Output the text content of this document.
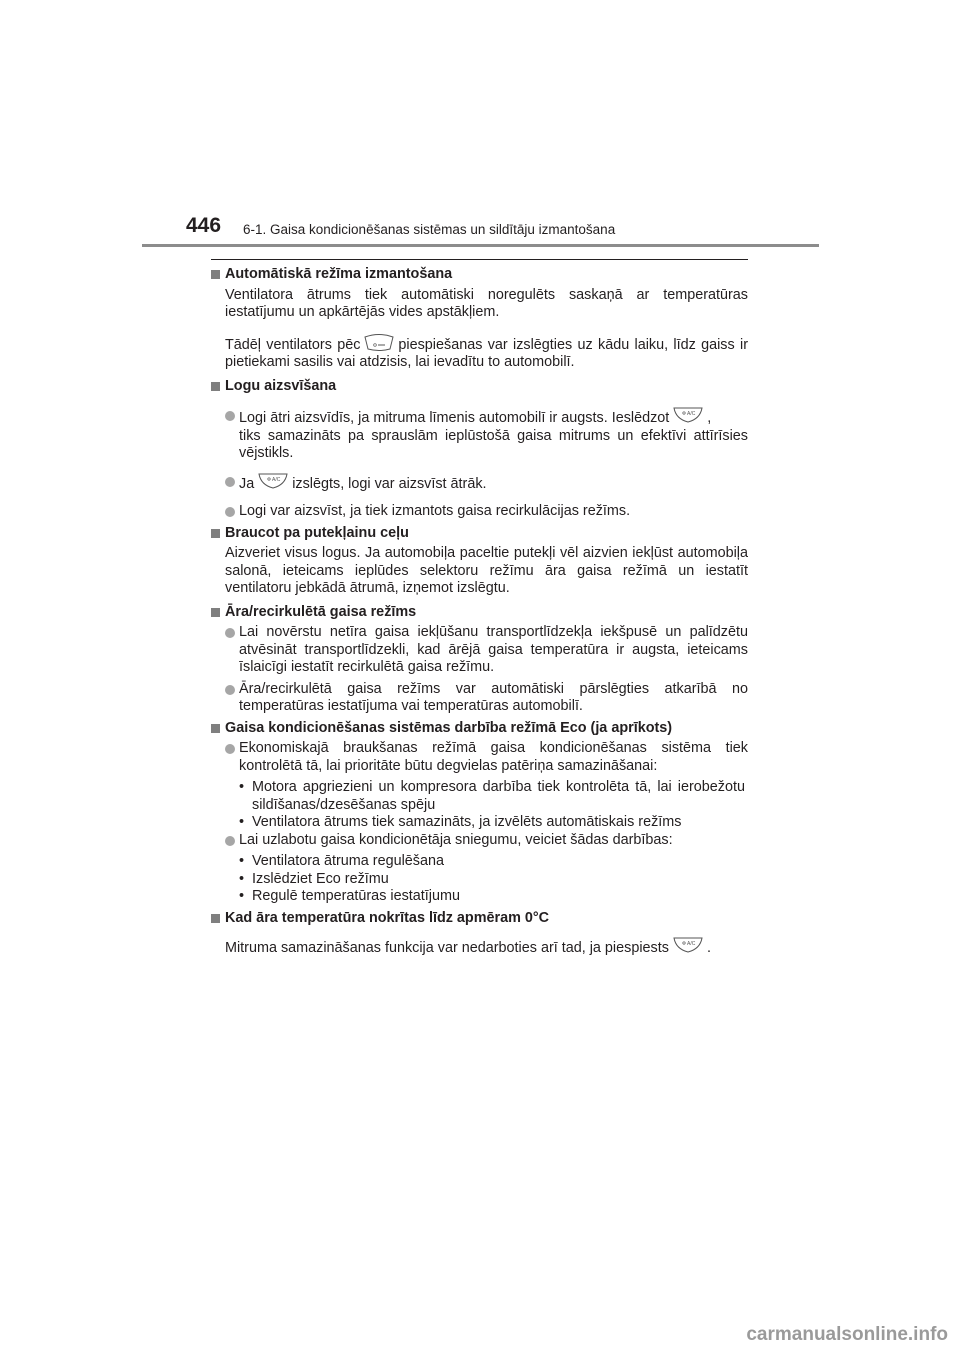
446 6-1. Gaisa kondicionēšanas sistēmas un sildītāju izmantošana
Automātiskā režīma izmantošana
Ventilatora ātrums tiek automātiski noregulēts saskaņā ar temperatūras iestatījumu un apkārtējās vides apstākļiem.
Tādēļ ventilators pēc	piespiešanas var izslēgties uz kādu laiku, līdz gaiss ir pietiekami sasilis vai atdzisis, lai ievadītu to automobilī.
Logu aizsvīšana
Logi ātri aizsvīdīs, ja mitruma līmenis automobilī ir augsts. Ieslēdzot	A/C ,
tiks samazināts pa sprauslām ieplūstošā gaisa mitrums un efektīvi attīrīsies vējstikls.
Ja	A/C izslēgts, logi var aizsvīst ātrāk.
Logi var aizsvīst, ja tiek izmantots gaisa recirkulācijas režīms.
Braucot pa putekļainu ceļu
Aizveriet visus logus. Ja automobiļa paceltie putekļi vēl aizvien iekļūst automobiļa salonā, ieteicams ieplūdes selektoru režīmu āra gaisa režīmā un iestatīt ventilatoru jebkādā ātrumā, izņemot izslēgtu.
Āra/recirkulētā gaisa režīms
Lai novērstu netīra gaisa iekļūšanu transportlīdzekļa iekšpusē un palīdzētu atvēsināt transportlīdzekli, kad ārējā gaisa temperatūra ir augsta, ieteicams īslaicīgi iestatīt recirkulētā gaisa režīmu.
Āra/recirkulētā gaisa režīms var automātiski pārslēgties atkarībā no temperatūras iestatījuma vai temperatūras automobilī.
Gaisa kondicionēšanas sistēmas darbība režīmā Eco (ja aprīkots)
Ekonomiskajā braukšanas režīmā gaisa kondicionēšanas sistēma tiek kontrolētā tā, lai prioritāte būtu degvielas patēriņa samazināšanai:
• Motora apgriezieni un kompresora darbība tiek kontrolēta tā, lai ierobežotu sildīšanas/dzesēšanas spēju
• Ventilatora ātrums tiek samazināts, ja izvēlēts automātiskais režīms
Lai uzlabotu gaisa kondicionētāja sniegumu, veiciet šādas darbības:
• Ventilatora ātruma regulēšana
• Izslēdziet Eco režīmu
• Regulē temperatūras iestatījumu
Kad āra temperatūra nokrītas līdz apmēram 0°C
Mitruma samazināšanas funkcija var nedarboties arī tad, ja piespiests	A/C .
carmanualsonline.info
